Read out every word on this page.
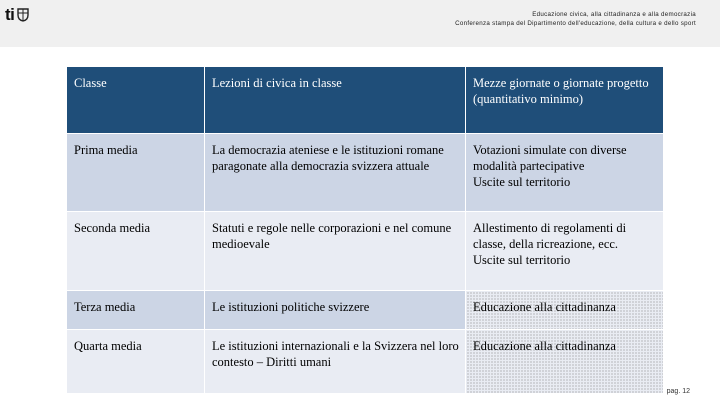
ti	Educazione civica, alla cittadinanza e alla democrazia
Conferenza stampa del Dipartimento dell'educazione, della cultura e dello sport
Classe	Lezioni di civica in classe	Mezze giornate o giornate progetto (quantitativo minimo)
Prima media	La democrazia ateniese e le istituzioni romane paragonate alla democrazia svizzera attuale	Votazioni simulate con diverse modalità partecipative
Uscite sul territorio
Seconda media	Statuti e regole nelle corporazioni e nel comune medioevale	Allestimento di regolamenti di classe, della ricreazione, ecc.
Uscite sul territorio
Terza media	Le istituzioni politiche svizzere	Educazione alla cittadinanza
Quarta media	Le istituzioni internazionali e la Svizzera nel loro contesto – Diritti umani	Educazione alla cittadinanza
pag. 12
